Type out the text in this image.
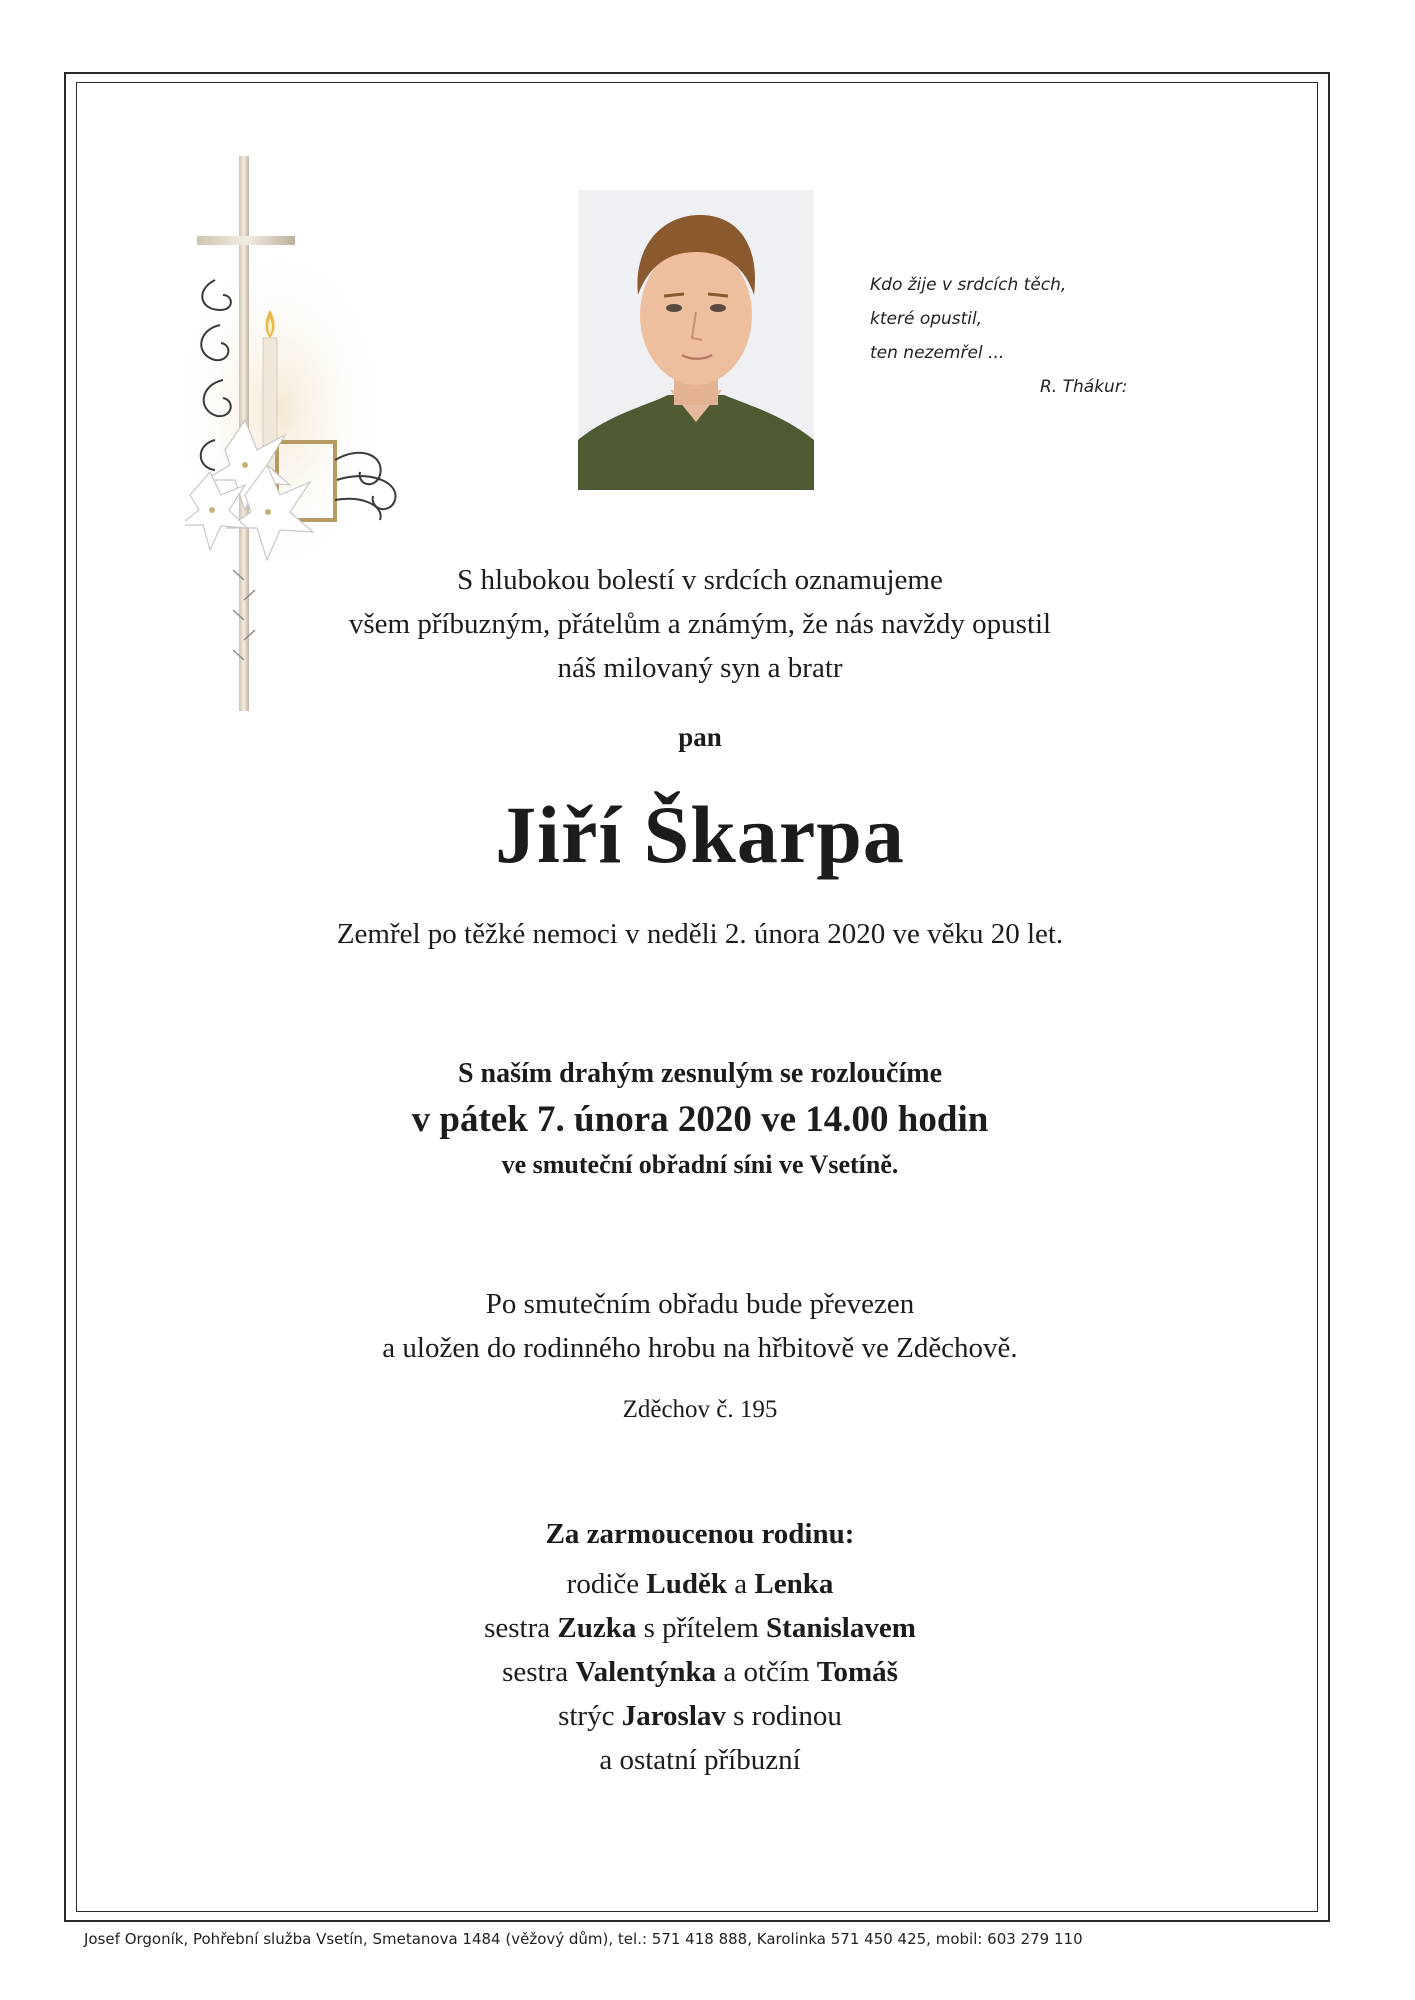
Kdo žije v srdcích těch,
které opustil,
ten nezemřel ...
R. Thákur:
S hlubokou bolestí v srdcích oznamujeme
všem příbuzným, přátelům a známým, že nás navždy opustil
náš milovaný syn a bratr
pan
Jiří Škarpa
Zemřel po těžké nemoci v neděli 2. února 2020 ve věku 20 let.
S naším drahým zesnulým se rozloučíme
v pátek 7. února 2020 ve 14.00 hodin
ve smuteční obřadní síni ve Vsetíně.
Po smutečním obřadu bude převezen
a uložen do rodinného hrobu na hřbitově ve Zděchově.
Zděchov č. 195
Za zarmoucenou rodinu:
rodiče Luděk a Lenka
sestra Zuzka s přítelem Stanislavem
sestra Valentýnka a otčím Tomáš
strýc Jaroslav s rodinou
a ostatní příbuzní
Josef Orgoník, Pohřební služba Vsetín, Smetanova 1484 (věžový dům), tel.: 571 418 888, Karolinka 571 450 425, mobil: 603 279 110
